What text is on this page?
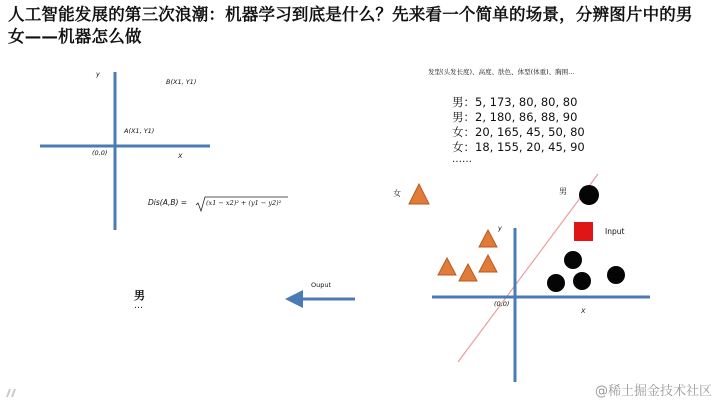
人工智能发展的第三次浪潮：机器学习到底是什么？先来看一个简单的场景，分辨图片中的男女——机器怎么做
y
X
(0,0)
B(X1, Y1)
A(X1, Y1)
Dis(A,B) =	(x1 − x2)² + (y1 − y2)²
发型(头发长度)、高度、肤色、体型(体重)、胸围…
男：5, 173, 80, 80, 80
男：2, 180, 86, 88, 90
女：20, 165, 45, 50, 80
女：18, 155, 20, 45, 90
……
女	男
Input
y
X
(0,0)
Ouput
男
…
@稀土掘金技术社区
